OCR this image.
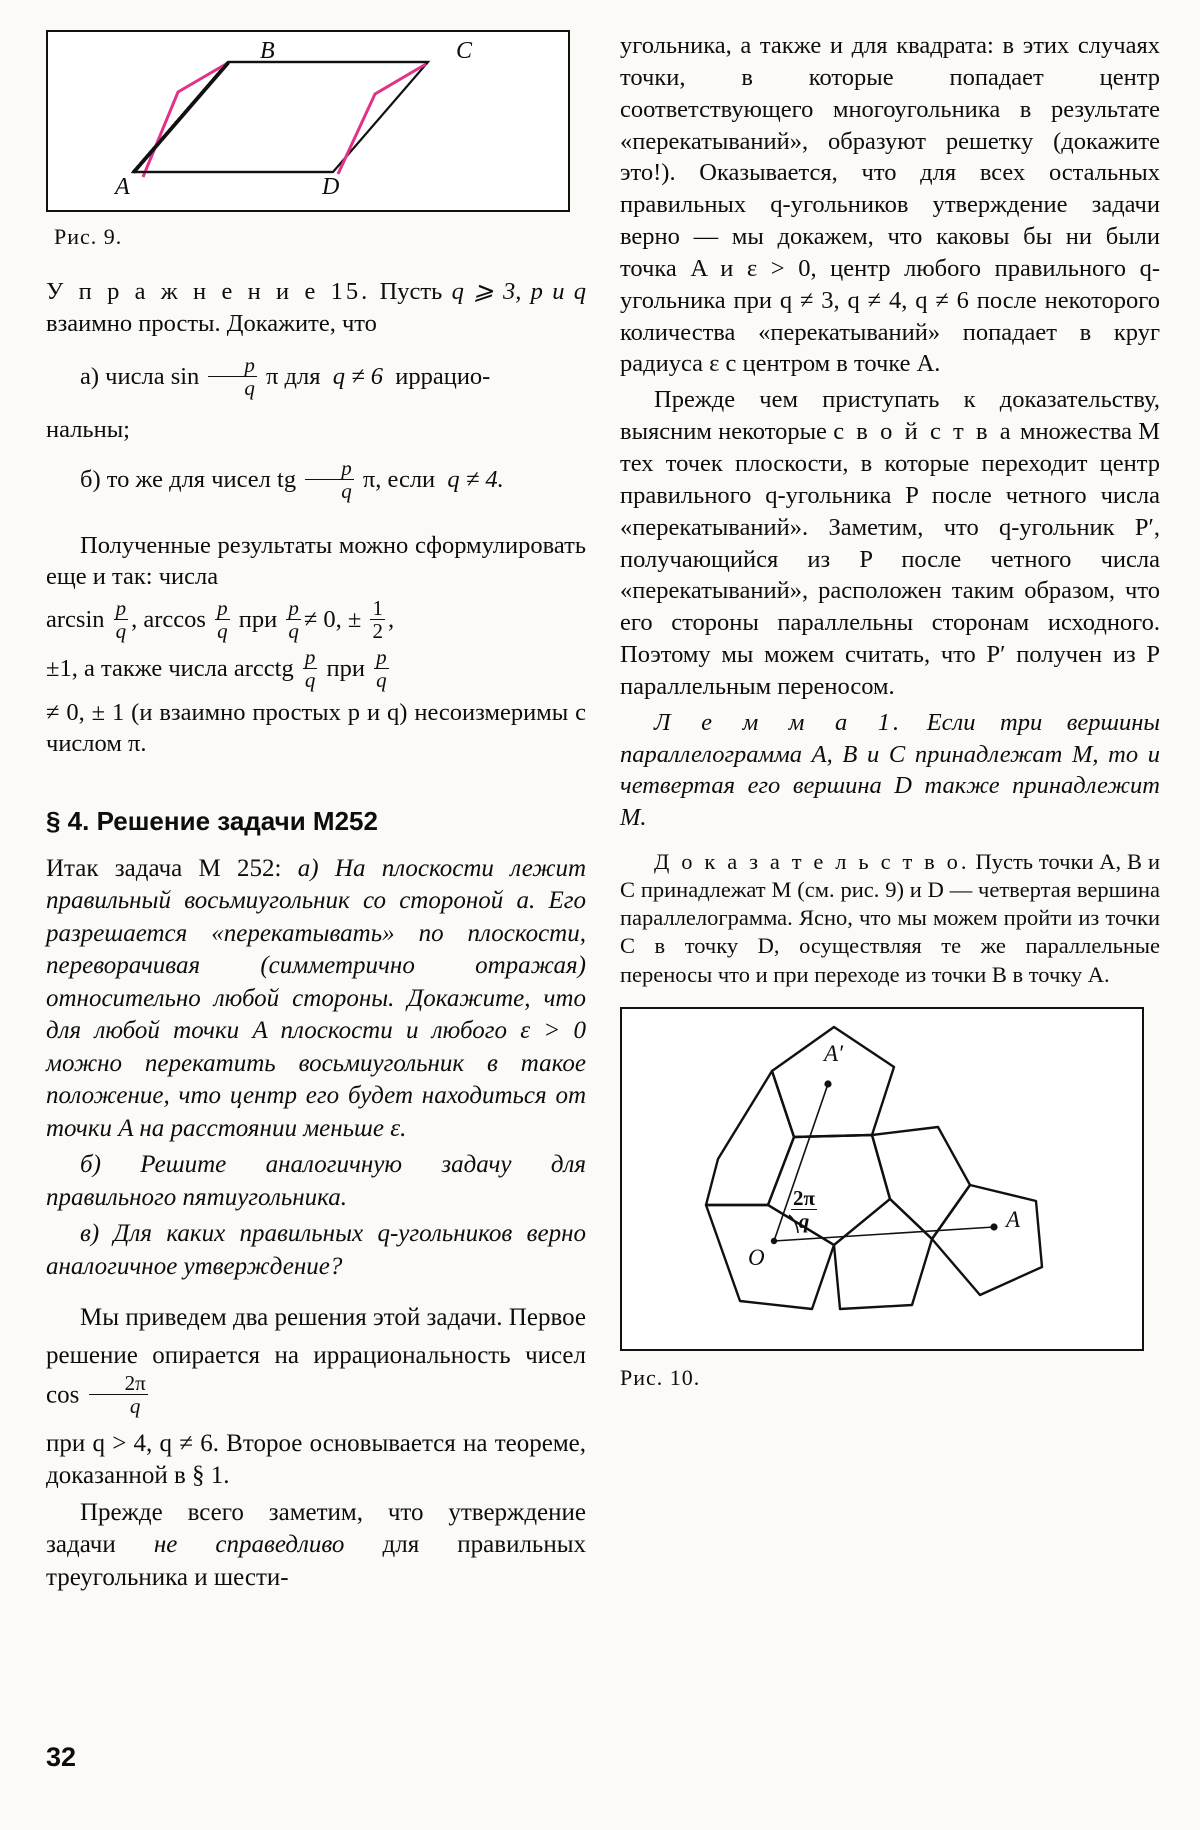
B	C
A	D
Рис. 9.
У п р а ж н е н и е 15. Пусть q ⩾ 3, p и q взаимно просты. Докажите, что
а) числа $\sin \frac{p}{q}$ π для q ≠ 6 иррацио-
нальны;
б) то же для чисел tg $\frac{p}{q} \pi$, если q ≠ 4.

Полученные результаты можно сформулировать еще и так: числа

$\arcsin \frac{p}{q}$ , $\arccos \frac{p}{q}$ при $\frac{p}{q} \ne 0$, ± $\frac{1}{2}$ ,

±1, а также числа arcctg $\frac{p}{q}$ при $\frac{p}{q}$

≠ 0, ± 1 (и взаимно простых p и q) несоизмеримы с числом π.

§ 4. Решение задачи М252

Итак задача М 252: а) На плоскости лежит правильный восьмиугольник со стороной a. Его разрешается «перекатывать» по плоскости, переворачивая (симметрично отражая) относительно любой стороны. Докажите, что для любой точки A плоскости и любого ε > 0 можно перекатить восьмиугольник в такое положение, что центр его будет находиться от точки A на расстоянии меньше ε.

б) Решите аналогичную задачу для правильного пятиугольника.

в) Для каких правильных q-угольников верно аналогичное утверждение?

Мы приведем два решения этой задачи. Первое решение опирается на иррациональность чисел $\cos \frac{2\pi}{q}$

при q > 4, q ≠ 6. Второе основывается на теореме, доказанной в § 1.

Прежде всего заметим, что утверждение задачи не справедливо для правильных треугольника и шести-

угольника, а также и для квадрата: в этих случаях точки, в которые попадает центр соответствующего многоугольника в результате «перекатываний», образуют решетку (докажите это!). Оказывается, что для всех остальных правильных q-угольников утверждение задачи верно — мы докажем, что каковы бы ни были точка A и ε > 0, центр любого правильного q-угольника при q ≠ 3, q ≠ 4, q ≠ 6 после некоторого количества «перекатываний» попадает в круг радиуса ε с центром в точке A.

Прежде чем приступать к доказательству, выясним некоторые с в о й с т в а множества M тех точек плоскости, в которые переходит центр правильного q-угольника P после четного числа «перекатываний». Заметим, что q-угольник P′, получающийся из P после четного числа «перекатываний», расположен таким образом, что его стороны параллельны сторонам исходного. Поэтому мы можем считать, что P′ получен из P параллельным переносом.

Л е м м а 1. Если три вершины параллелограмма A, B и C принадлежат M, то и четвертая его вершина D также принадлежит M.

Д о к а з а т е л ь с т в о. Пусть точки A, B и C принадлежат M (см. рис. 9) и D — четвертая вершина параллелограмма. Ясно, что мы можем пройти из точки C в точку D, осуществляя те же параллельные переносы что и при переходе из точки B в точку A.

A′
A
O
$\frac{2\pi}{q}$
Рис. 10.
32
